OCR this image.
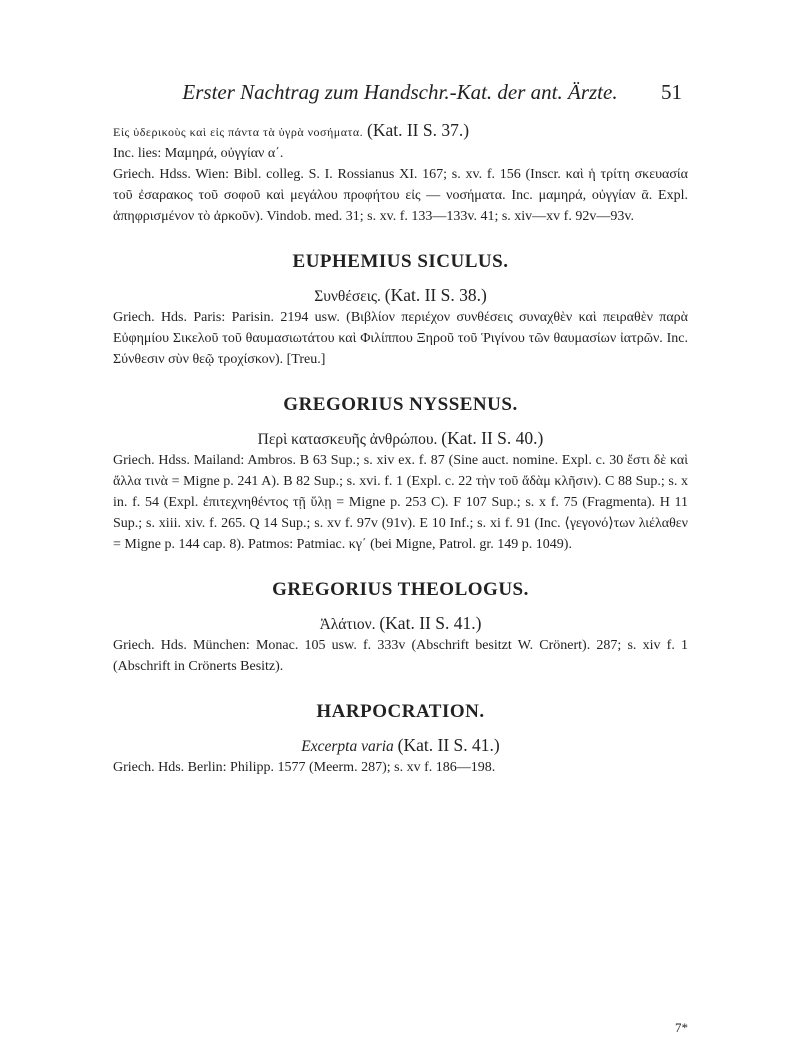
Erster Nachtrag zum Handschr.-Kat. der ant. Ärzte.	51

Εἰς ὑδερικοὺς καὶ εἰς πάντα τὰ ὑγρὰ νοσήματα. (Kat. II S. 37.)

Inc. lies: Μαμηρά, οὐγγίαν α΄.

Griech. Hdss. Wien: Bibl. colleg. S. I. Rossianus XI. 167; s. xv. f. 156 (Inscr. καὶ ἡ τρίτη σκευασία τοῦ ἐσαρακος τοῦ σοφοῦ καὶ μεγάλου προφήτου εἰς — νοσήματα. Inc. μαμηρά, οὐγγίαν ᾱ. Expl. ἀπηφρισμένον τὸ ἀρκοῦν). Vindob. med. 31; s. xv. f. 133—133v. 41; s. xiv—xv f. 92v—93v.

EUPHEMIUS SICULUS.

Συνθέσεις. (Kat. II S. 38.)

Griech. Hds. Paris: Parisin. 2194 usw. (Βιβλίον περιέχον συνθέσεις συναχθὲν καὶ πειραθὲν παρὰ Εὐφημίου Σικελοῦ τοῦ θαυμασιωτάτου καὶ Φιλίππου Ξηροῦ τοῦ Ῥιγίνου τῶν θαυμασίων ἰατρῶν. Inc. Σύνθεσιν σὺν θεῷ τροχίσκον). [Treu.]

GREGORIUS NYSSENUS.

Περὶ κατασκευῆς ἀνθρώπου. (Kat. II S. 40.)

Griech. Hdss. Mailand: Ambros. B 63 Sup.; s. xiv ex. f. 87 (Sine auct. nomine. Expl. c. 30 ἔστι δὲ καὶ ἄλλα τινὰ = Migne p. 241 A). B 82 Sup.; s. xvi. f. 1 (Expl. c. 22 τὴν τοῦ ἄδὰμ κλῆσιν). C 88 Sup.; s. x in. f. 54 (Expl. ἐπιτεχνηθέντος τῇ ὕλῃ = Migne p. 253 C). F 107 Sup.; s. x f. 75 (Fragmenta). H 11 Sup.; s. xiii. xiv. f. 265. Q 14 Sup.; s. xv f. 97v (91v). E 10 Inf.; s. xi f. 91 (Inc. ⟨γεγονό⟩των λιέλαθεν = Migne p. 144 cap. 8). Patmos: Patmiac. κγ΄ (bei Migne, Patrol. gr. 149 p. 1049).

GREGORIUS THEOLOGUS.

Ἀλάτιον. (Kat. II S. 41.)

Griech. Hds. München: Monac. 105 usw. f. 333v (Abschrift besitzt W. Crönert). 287; s. xiv f. 1 (Abschrift in Crönerts Besitz).

HARPOCRATION.

Excerpta varia (Kat. II S. 41.)

Griech. Hds. Berlin: Philipp. 1577 (Meerm. 287); s. xv f. 186—198.

7*
